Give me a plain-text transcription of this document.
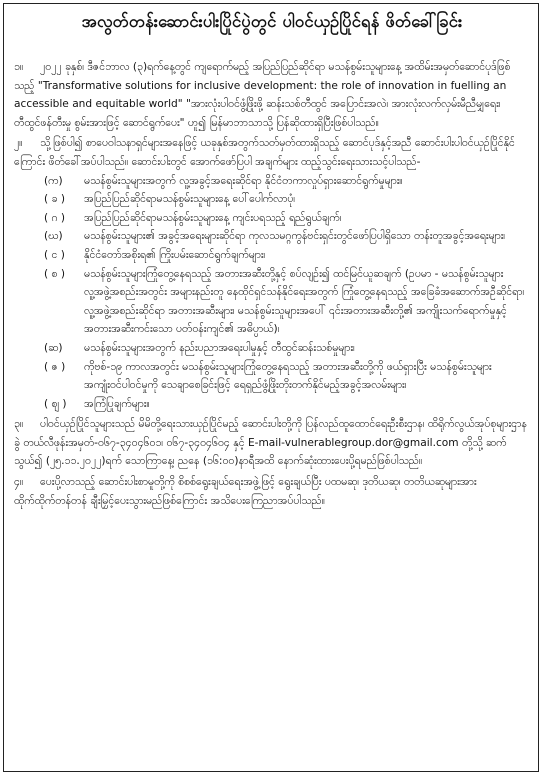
အလွတ်တန်းဆောင်းပါးပြိုင်ပွဲတွင် ပါဝင်ယှဉ်ပြိုင်ရန် ဖိတ်ခေါ်ခြင်း

၁။ ၂၀၂၂ ခုနှစ်၊ ဒီဇင်ဘာလ (၃)ရက်နေ့တွင် ကျရောက်မည့် အပြည်ပြည်ဆိုင်ရာ မသန်စွမ်းသူများနေ့ အထိမ်းအမှတ်ဆောင်ပုဒ်ဖြစ်သည့် "Transformative solutions for inclusive development: the role of innovation in fuelling an accessible and equitable world" "အားလုံးပါဝင်ဖွံ့ဖြိုးဖို့ ဆန်းသစ်တီထွင် အပြောင်းအလဲ၊ အားလုံးလက်လှမ်းမီညီမျှရေး၊ တီထွင်ဖန်တီးမှု စွမ်းအားဖြင့် ဆောင်ရွက်ပေး" ဟူ၍ မြန်မာဘာသာသို့ ပြန်ဆိုထားရှိပြီးဖြစ်ပါသည်။

၂။ သို့ဖြစ်ပါ၍ စာပေဝါသနာရှင်များအနေဖြင့် ယခုနှစ်အတွက်သတ်မှတ်ထားရှိသည့် ဆောင်ပုဒ်နှင့်အညီ ဆောင်းပါးပါဝင်ယှဉ်ပြိုင်နိုင်ကြောင်း ဖိတ်ခေါ်အပ်ပါသည်။ ဆောင်းပါးတွင် အောက်ဖော်ပြပါ အချက်များ ထည့်သွင်းရေးသားသင့်ပါသည်-

(က)	မသန်စွမ်းသူများအတွက် လူ့အခွင့်အရေးဆိုင်ရာ နိုင်ငံတကာလှုပ်ရှားဆောင်ရွက်မှုများ။
( ခ )	အပြည်ပြည်ဆိုင်ရာမသန်စွမ်းသူများနေ့ ပေါ်ပေါက်လာပုံ၊
( ဂ )	အပြည်ပြည်ဆိုင်ရာမသန်စွမ်းသူများနေ့ ကျင်းပရသည့် ရည်ရွယ်ချက်၊
(ဃ)	မသန်စွမ်းသူများ၏ အခွင့်အရေးများဆိုင်ရာ ကုလသမဂ္ဂကွန်ဗင်းရှင်းတွင်ဖော်ပြပါရှိသော တန်းတူအခွင့်အရေးများ၊
( င )	နိုင်ငံတော်အစိုးရ၏ ကြိုးပမ်းဆောင်ရွက်ချက်များ၊
( စ )	မသန်စွမ်းသူများကြုံတွေ့နေရသည့် အတားအဆီးတို့နှင့် စပ်လျဉ်း၍ ထင်မြင်ယူဆချက် (ဥပမာ - မသန်စွမ်းသူများ လူ့အဖွဲ့အစည်းအတွင်း အများနည်းတူ နေထိုင်ရှင်သန်နိုင်ရေးအတွက် ကြုံတွေ့နေရသည့် အခြေခံအဆောက်အဦဆိုင်ရာ၊ လူ့အဖွဲ့အစည်းဆိုင်ရာ အတားအဆီးများ၊ မသန်စွမ်းသူများအပေါ် ၎င်းအတားအဆီးတို့၏ အကျိုးသက်ရောက်မှုနှင့် အတားအဆီးကင်းသော ပတ်ဝန်းကျင်၏ အဓိပ္ပာယ်)၊
(ဆ)	မသန်စွမ်းသူများအတွက် နည်းပညာအရေးပါမှုနှင့် တီထွင်ဆန်းသစ်မှုများ၊
( ဇ )	ကိုဗစ်-၁၉ ကာလအတွင်း မသန်စွမ်းသူများကြုံတွေ့နေရသည့် အတားအဆီးတို့ကို ဖယ်ရှားပြီး မသန်စွမ်းသူများ အကျုံးဝင်ပါဝင်မှုကို သေချာစေခြင်းဖြင့် ရေရှည်ဖွံ့ဖြိုးတိုးတက်နိုင်မည့်အခွင့်အလမ်းများ၊
( ဈ )	အကြံပြုချက်များ။

၃။ ပါဝင်ယှဉ်ပြိုင်သူများသည် မိမိတို့ရေးသားယှဉ်ပြိုင်မည့် ဆောင်းပါးတို့ကို ပြန်လည်ထူထောင်ရေးဦးစီးဌာန၊ ထိရိုက်လွယ်အုပ်စုများဌာနခွဲ တယ်လီဖုန်းအမှတ်-၀၆၇-၃၄၀၄၆၀၁၊ ၀၆၇-၃၄၀၄၆၀၄ နှင့် E-mail-vulnerablegroup.dor@gmail.com တို့သို့ ဆက်သွယ်၍ (၂၅.၁၁.၂၀၂၂)ရက် သောကြာနေ့၊ ညနေ (၁၆:၀၀)နာရီအထိ နောက်ဆုံးထားပေးပို့ရမည်ဖြစ်ပါသည်။

၄။ ပေးပို့လာသည့် ဆောင်းပါးစာမူတို့ကို စိစစ်ရွေးချယ်ရေးအဖွဲ့ဖြင့် ရွေးချယ်ပြီး ပထမဆု၊ ဒုတိယဆု၊ တတိယဆုများအား ထိုက်ထိုက်တန်တန် ချီးမြှင့်ပေးသွားမည်ဖြစ်ကြောင်း အသိပေးကြေညာအပ်ပါသည်။
